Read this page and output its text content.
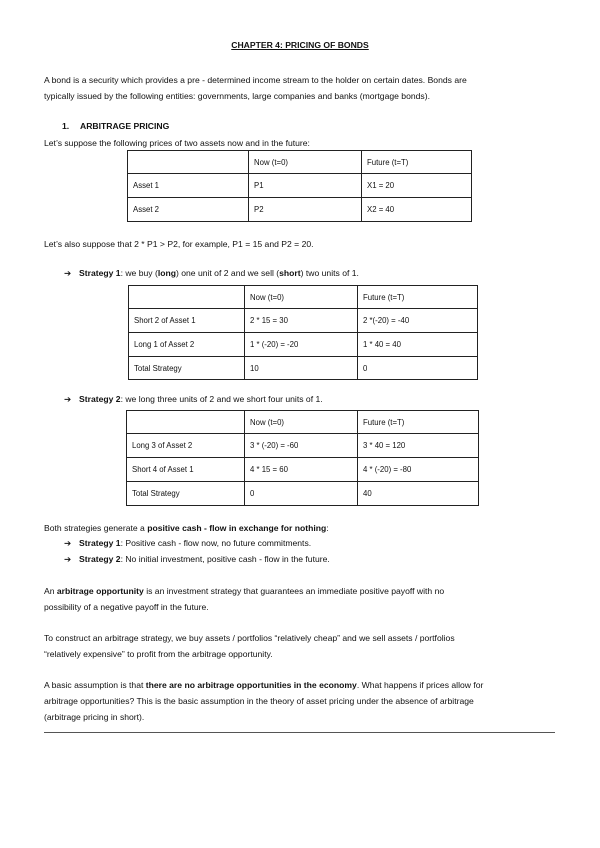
CHAPTER 4: PRICING OF BONDS

A bond is a security which provides a pre - determined income stream to the holder on certain dates. Bonds are

typically issued by the following entities: governments, large companies and banks (mortgage bonds).

1. ARBITRAGE PRICING
Let’s suppose the following prices of two assets now and in the future:
	Now (t=0)	Future (t=T)
Asset 1	P1	X1 = 20
Asset 2	P2	X2 = 40
Let’s also suppose that 2 * P1 > P2, for example, P1 = 15 and P2 = 20.
➔ Strategy 1: we buy (long) one unit of 2 and we sell (short) two units of 1.
	Now (t=0)	Future (t=T)
Short 2 of Asset 1	2 * 15 = 30	2 *(-20) = -40
Long 1 of Asset 2	1 * (-20) = -20	1 * 40 = 40
Total Strategy	10	0
➔ Strategy 2: we long three units of 2 and we short four units of 1.
	Now (t=0)	Future (t=T)
Long 3 of Asset 2	3 * (-20) = -60	3 * 40 = 120
Short 4 of Asset 1	4 * 15 = 60	4 * (-20) = -80
Total Strategy	0	40
Both strategies generate a positive cash - flow in exchange for nothing:
➔ Strategy 1: Positive cash - flow now, no future commitments.
➔ Strategy 2: No initial investment, positive cash - flow in the future.

An arbitrage opportunity is an investment strategy that guarantees an immediate positive payoff with no

possibility of a negative payoff in the future.

To construct an arbitrage strategy, we buy assets / portfolios “relatively cheap” and we sell assets / portfolios

“relatively expensive” to profit from the arbitrage opportunity.

A basic assumption is that there are no arbitrage opportunities in the economy. What happens if prices allow for

arbitrage opportunities? This is the basic assumption in the theory of asset pricing under the absence of arbitrage

(arbitrage pricing in short).
